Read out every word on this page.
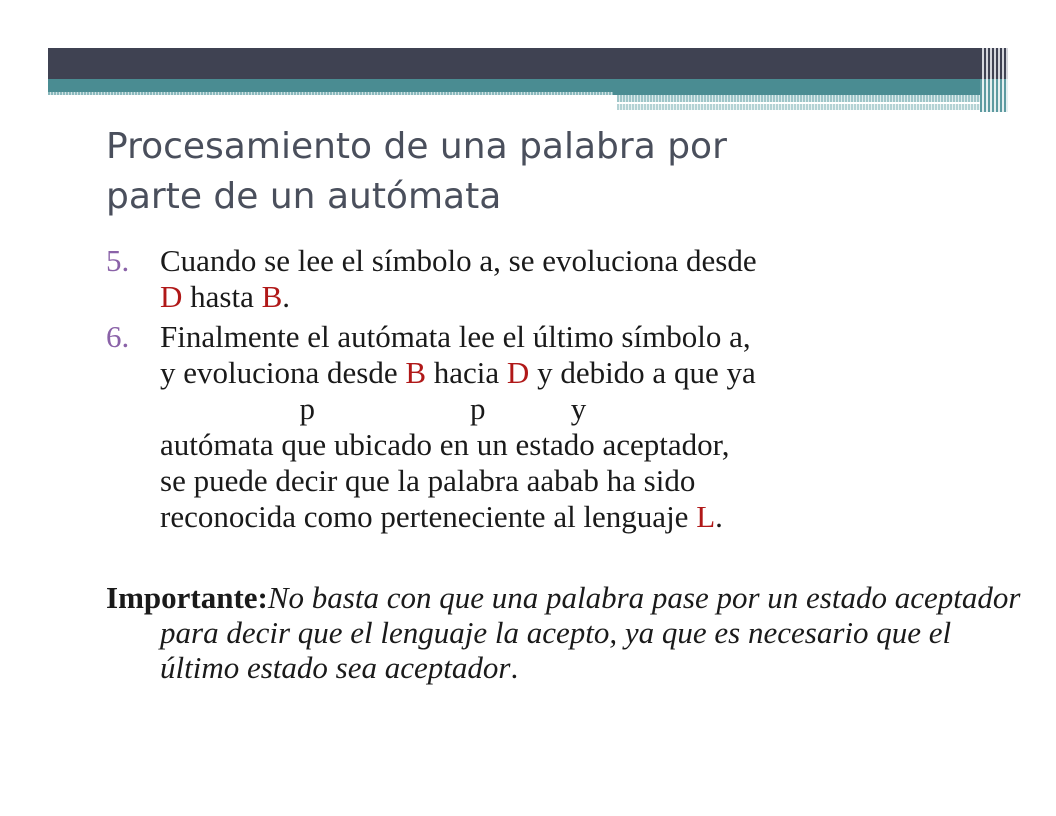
Procesamiento de una palabra por
parte de un autómata
5. Cuando se lee el símbolo a, se evoluciona desde
D hasta B.
6. Finalmente el autómata lee el último símbolo a,
y evoluciona desde B hacia D y debido a que ya
p                    p           y
autómata que ubicado en un estado aceptador,
se puede decir que la palabra aabab ha sido
reconocida como perteneciente al lenguaje L.

Importante:No basta con que una palabra pase por un estado aceptador para decir que el lenguaje la acepto, ya que es necesario que el último estado sea aceptador.
